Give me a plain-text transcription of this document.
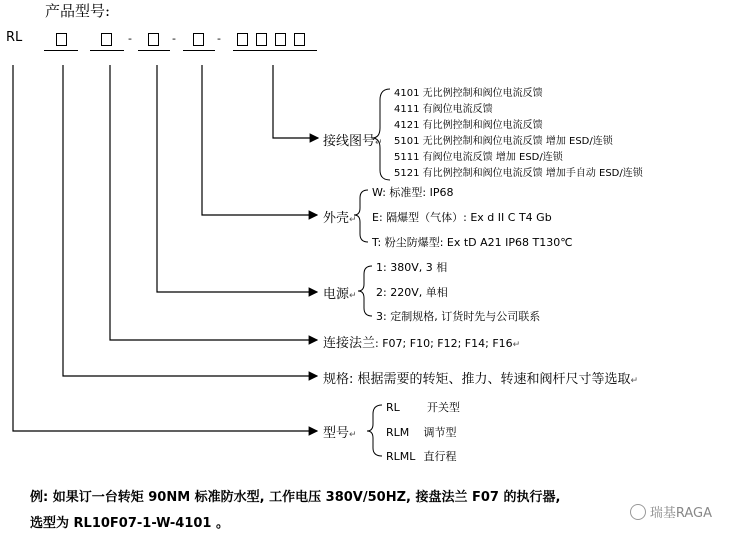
产品型号:
RL	-	-	-
接线图号↵
4101 无比例控制和阀位电流反馈
4111 有阀位电流反馈
4121 有比例控制和阀位电流反馈
5101 无比例控制和阀位电流反馈 增加 ESD/连锁
5111 有阀位电流反馈 增加 ESD/连锁
5121 有比例控制和阀位电流反馈 增加手自动 ESD/连锁
外壳↵
W: 标准型: IP68
E: 隔爆型（气体）: Ex d II C T4 Gb
T: 粉尘防爆型: Ex tD A21 IP68 T130℃
电源↵
1: 380V, 3 相
2: 220V, 单相
3: 定制规格, 订货时先与公司联系
连接法兰: F07; F10; F12; F14; F16↵
规格: 根据需要的转矩、推力、转速和阀杆尺寸等选取↵
型号↵
RL 开关型
RLM 调节型
RLML 直行程
例: 如果订一台转矩 90NM 标准防水型, 工作电压 380V/50HZ, 接盘法兰 F07 的执行器,
选型为 RL10F07-1-W-4101 。
瑞基RAGA
